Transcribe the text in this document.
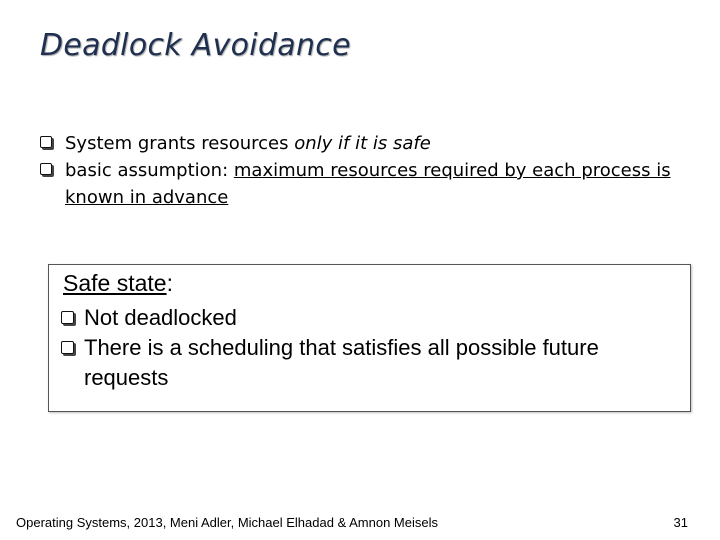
Deadlock Avoidance
System grants resources only if it is safe
basic assumption: maximum resources required by each process is known in advance
Safe state:
Not deadlocked
There is a scheduling that satisfies all possible future requests
Operating Systems, 2013, Meni Adler, Michael Elhadad & Amnon Meisels	31
